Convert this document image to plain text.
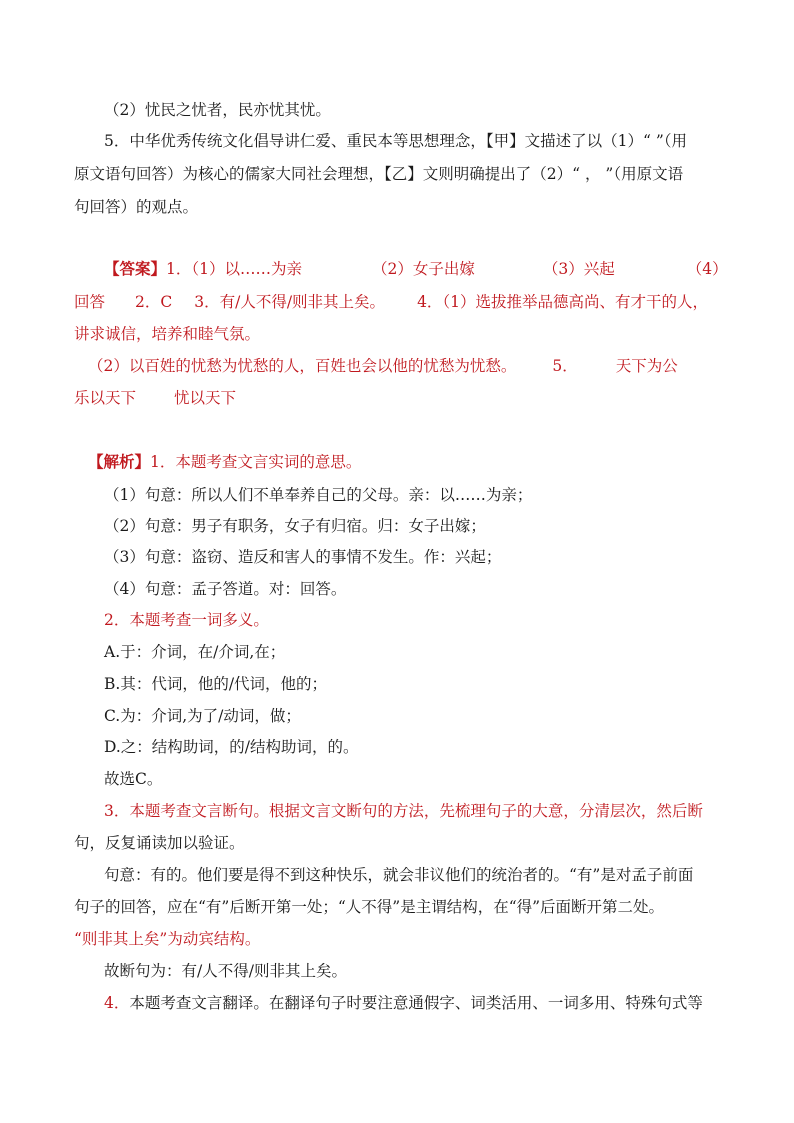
（2）忧民之忧者，民亦忧其忧。
5．中华优秀传统文化倡导讲仁爱、重民本等思想理念，【甲】文描述了以（1）“ ”（用
原文语句回答）为核心的儒家大同社会理想，【乙】文则明确提出了（2）“ ， ”（用原文语
句回答）的观点。
【答案】1．（1）以……为亲	（2）女子出嫁	（3）兴起	（4）
回答 2．C 3．有/人不得/则非其上矣。 4．（1）选拔推举品德高尚、有才干的人，
讲求诚信，培养和睦气氛。
（2）以百姓的忧愁为忧愁的人，百姓也会以他的忧愁为忧愁。 5． 天下为公
乐以天下 忧以天下
【解析】1．本题考查文言实词的意思。
（1）句意：所以人们不单奉养自己的父母。亲：以……为亲；
（2）句意：男子有职务，女子有归宿。归：女子出嫁；
（3）句意：盗窃、造反和害人的事情不发生。作：兴起；
（4）句意：孟子答道。对：回答。
2．本题考查一词多义。
A.于：介词，在/介词,在；
B.其：代词，他的/代词，他的；
C.为：介词,为了/动词，做；
D.之：结构助词，的/结构助词，的。
故选C。
3．本题考查文言断句。根据文言文断句的方法，先梳理句子的大意，分清层次，然后断
句，反复诵读加以验证。
句意：有的。他们要是得不到这种快乐，就会非议他们的统治者的。“有”是对孟子前面
句子的回答，应在“有”后断开第一处；“人不得”是主谓结构，在“得”后面断开第二处。
“则非其上矣”为动宾结构。
故断句为：有/人不得/则非其上矣。
4．本题考查文言翻译。在翻译句子时要注意通假字、词类活用、一词多用、特殊句式等
